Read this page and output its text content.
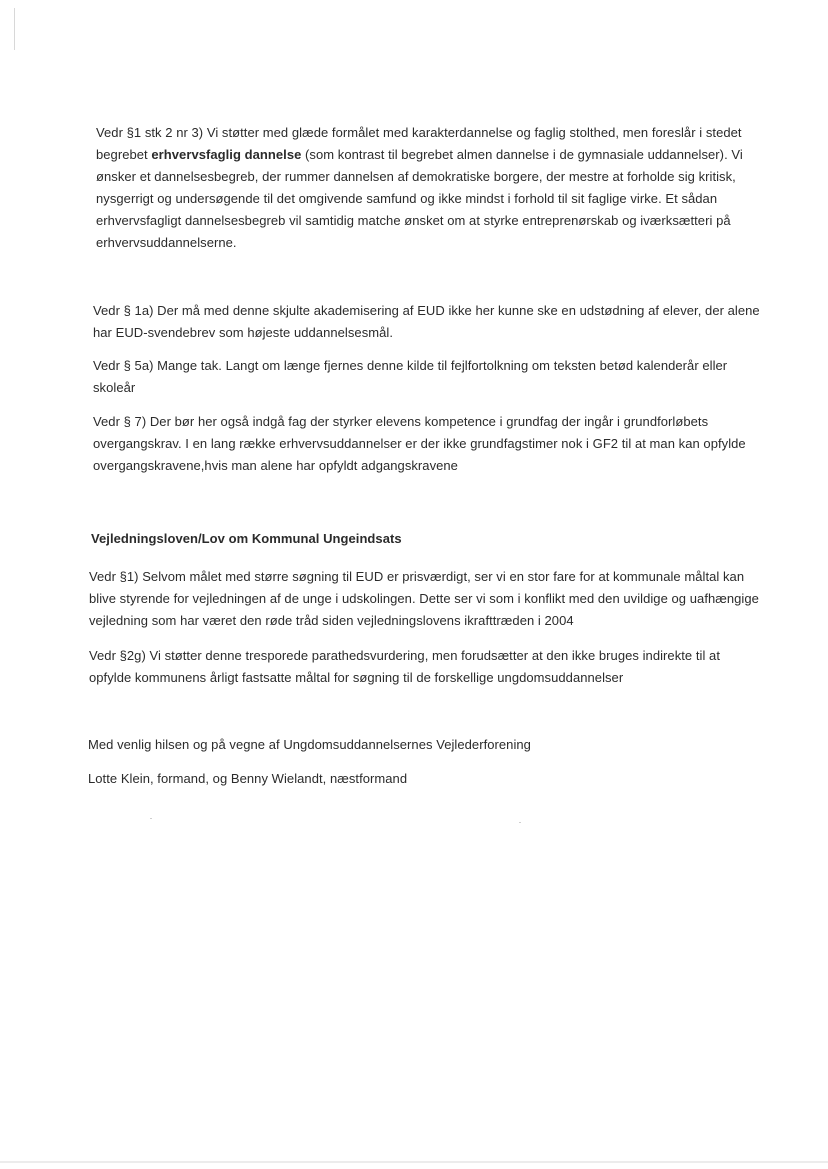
Vedr §1 stk 2 nr 3) Vi støtter med glæde formålet med karakterdannelse og faglig stolthed, men foreslår i stedet begrebet erhvervsfaglig dannelse (som kontrast til begrebet almen dannelse i de gymnasiale uddannelser). Vi ønsker et dannelsesbegreb, der rummer dannelsen af demokratiske borgere, der mestre at forholde sig kritisk, nysgerrigt og undersøgende til det omgivende samfund og ikke mindst i forhold til sit faglige virke. Et sådan erhvervsfagligt dannelsesbegreb vil samtidig matche ønsket om at styrke entreprenørskab og iværksætteri på erhvervsuddannelserne.

Vedr § 1a) Der må med denne skjulte akademisering af EUD ikke her kunne ske en udstødning af elever, der alene har EUD-svendebrev som højeste uddannelsesmål.

Vedr § 5a) Mange tak. Langt om længe fjernes denne kilde til fejlfortolkning om teksten betød kalenderår eller skoleår

Vedr § 7) Der bør her også indgå fag der styrker elevens kompetence i grundfag der ingår i grundforløbets overgangskrav. I en lang række erhvervsuddannelser er der ikke grundfagstimer nok i GF2 til at man kan opfylde overgangskravene,hvis man alene har opfyldt adgangskravene

Vejledningsloven/Lov om Kommunal Ungeindsats

Vedr §1) Selvom målet med større søgning til EUD er prisværdigt, ser vi en stor fare for at kommunale måltal kan blive styrende for vejledningen af de unge i udskolingen. Dette ser vi som i konflikt med den uvildige og uafhængige vejledning som har været den røde tråd siden vejledningslovens ikrafttræden i 2004

Vedr §2g) Vi støtter denne tresporede parathedsvurdering, men forudsætter at den ikke bruges indirekte til at opfylde kommunens årligt fastsatte måltal for søgning til de forskellige ungdomsuddannelser

Med venlig hilsen og på vegne af Ungdomsuddannelsernes Vejlederforening

Lotte Klein, formand, og Benny Wielandt, næstformand
